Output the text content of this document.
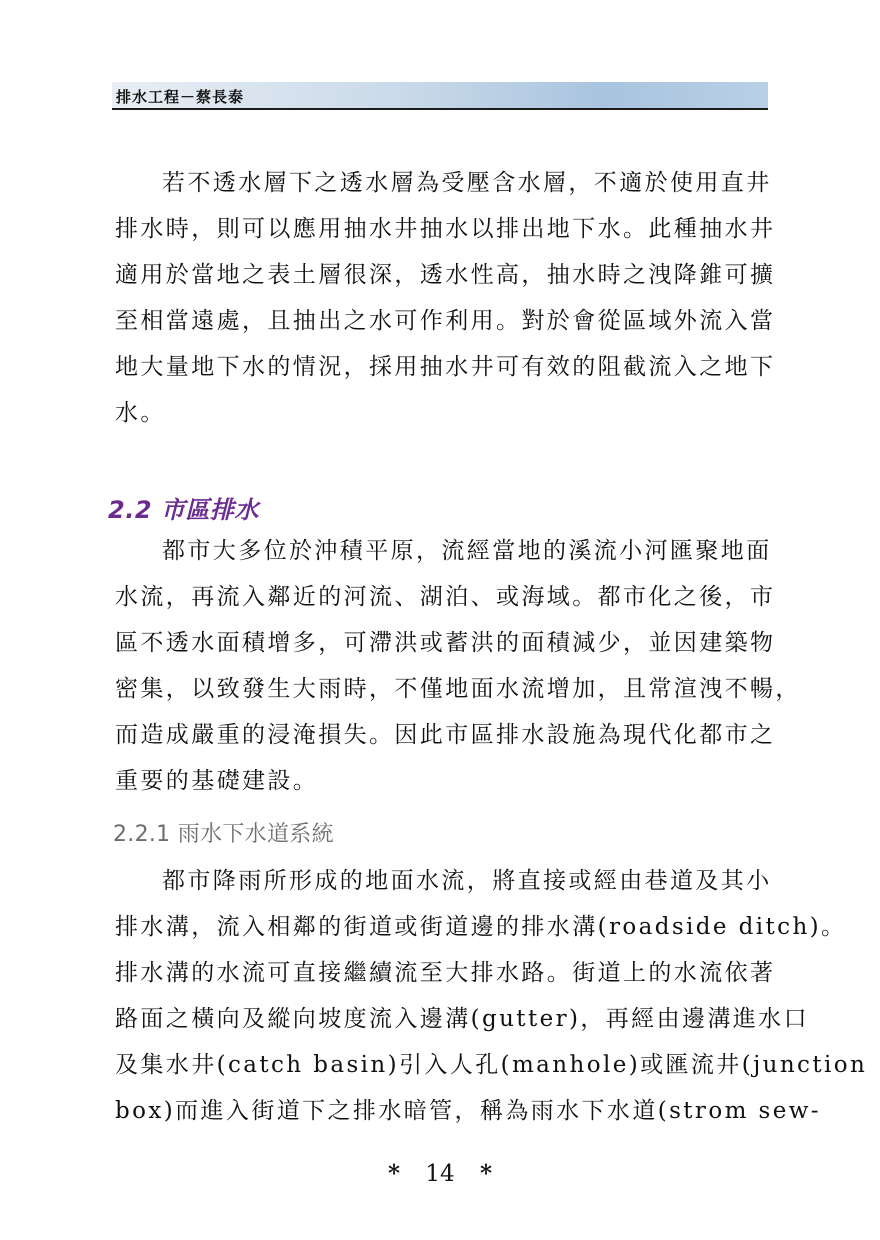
排水工程－蔡長泰
若不透水層下之透水層為受壓含水層，不適於使用直井
排水時，則可以應用抽水井抽水以排出地下水。此種抽水井
適用於當地之表土層很深，透水性高，抽水時之洩降錐可擴
至相當遠處，且抽出之水可作利用。對於會從區域外流入當
地大量地下水的情況，採用抽水井可有效的阻截流入之地下
水。
2.2 市區排水
都市大多位於沖積平原，流經當地的溪流小河匯聚地面
水流，再流入鄰近的河流、湖泊、或海域。都市化之後，市
區不透水面積增多，可滯洪或蓄洪的面積減少，並因建築物
密集，以致發生大雨時，不僅地面水流增加，且常渲洩不暢，
而造成嚴重的浸淹損失。因此市區排水設施為現代化都市之
重要的基礎建設。
2.2.1 雨水下水道系統
都市降雨所形成的地面水流，將直接或經由巷道及其小
排水溝，流入相鄰的街道或街道邊的排水溝(roadside ditch)。
排水溝的水流可直接繼續流至大排水路。街道上的水流依著
路面之橫向及縱向坡度流入邊溝(gutter)，再經由邊溝進水口
及集水井(catch basin)引入人孔(manhole)或匯流井(junction
box)而進入街道下之排水暗管，稱為雨水下水道(strom sew-
* 14 *
